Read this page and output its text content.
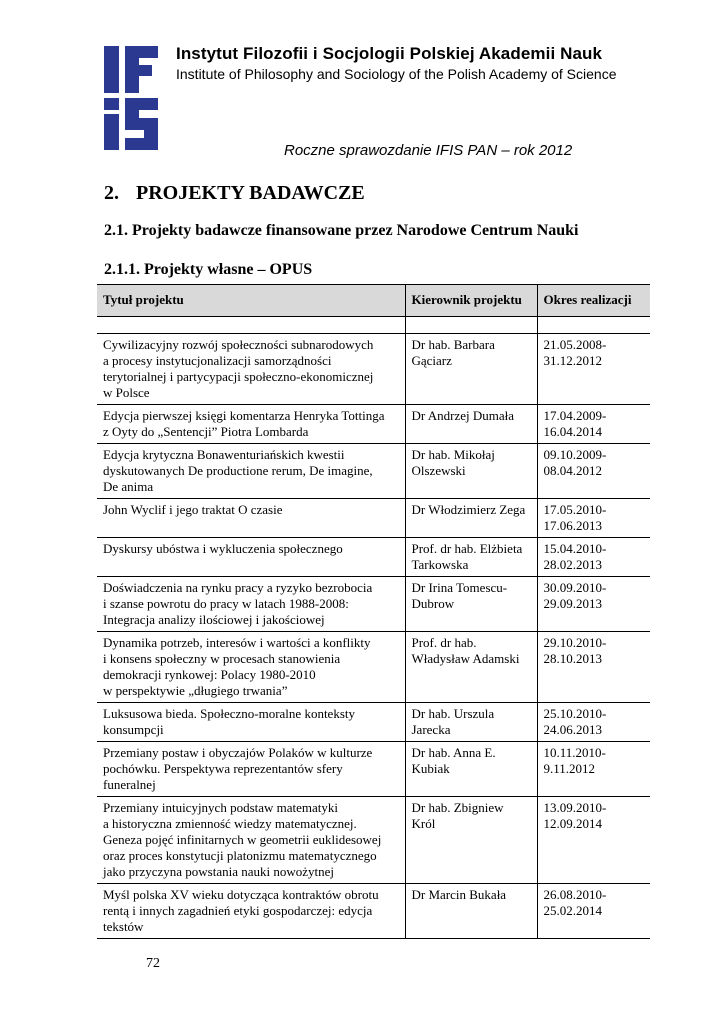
Instytut Filozofii i Socjologii Polskiej Akademii Nauk
Institute of Philosophy and Sociology of the Polish Academy of Science
Roczne sprawozdanie IFIS PAN – rok 2012
2. PROJEKTY BADAWCZE
2.1. Projekty badawcze finansowane przez Narodowe Centrum Nauki
2.1.1. Projekty własne – OPUS
Tytuł projektu	Kierownik projektu	Okres realizacji

Cywilizacyjny rozwój społeczności subnarodowych
a procesy instytucjonalizacji samorządności
terytorialnej i partycypacji społeczno-ekonomicznej
w Polsce	Dr hab. Barbara
Gąciarz	21.05.2008-
31.12.2012

Edycja pierwszej księgi komentarza Henryka Tottinga
z Oyty do „Sentencji” Piotra Lombarda	Dr Andrzej Dumała	17.04.2009-
16.04.2014

Edycja krytyczna Bonawenturiańskich kwestii
dyskutowanych De productione rerum, De imagine,
De anima	Dr hab. Mikołaj
Olszewski	09.10.2009-
08.04.2012

John Wyclif i jego traktat O czasie	Dr Włodzimierz Zega	17.05.2010-
17.06.2013

Dyskursy ubóstwa i wykluczenia społecznego	Prof. dr hab. Elżbieta
Tarkowska	15.04.2010-
28.02.2013

Doświadczenia na rynku pracy a ryzyko bezrobocia
i szanse powrotu do pracy w latach 1988-2008:
Integracja analizy ilościowej i jakościowej	Dr Irina Tomescu-
Dubrow	30.09.2010-
29.09.2013

Dynamika potrzeb, interesów i wartości a konflikty
i konsens społeczny w procesach stanowienia
demokracji rynkowej: Polacy 1980-2010
w perspektywie „długiego trwania”	Prof. dr hab.
Władysław Adamski	29.10.2010-
28.10.2013

Luksusowa bieda. Społeczno-moralne konteksty
konsumpcji	Dr hab. Urszula
Jarecka	25.10.2010-
24.06.2013

Przemiany postaw i obyczajów Polaków w kulturze
pochówku. Perspektywa reprezentantów sfery
funeralnej	Dr hab. Anna E.
Kubiak	10.11.2010-
9.11.2012

Przemiany intuicyjnych podstaw matematyki
a historyczna zmienność wiedzy matematycznej.
Geneza pojęć infinitarnych w geometrii euklidesowej
oraz proces konstytucji platonizmu matematycznego
jako przyczyna powstania nauki nowożytnej	Dr hab. Zbigniew Król	13.09.2010-
12.09.2014

Myśl polska XV wieku dotycząca kontraktów obrotu
rentą i innych zagadnień etyki gospodarczej: edycja
tekstów	Dr Marcin Bukała	26.08.2010-
25.02.2014
72
